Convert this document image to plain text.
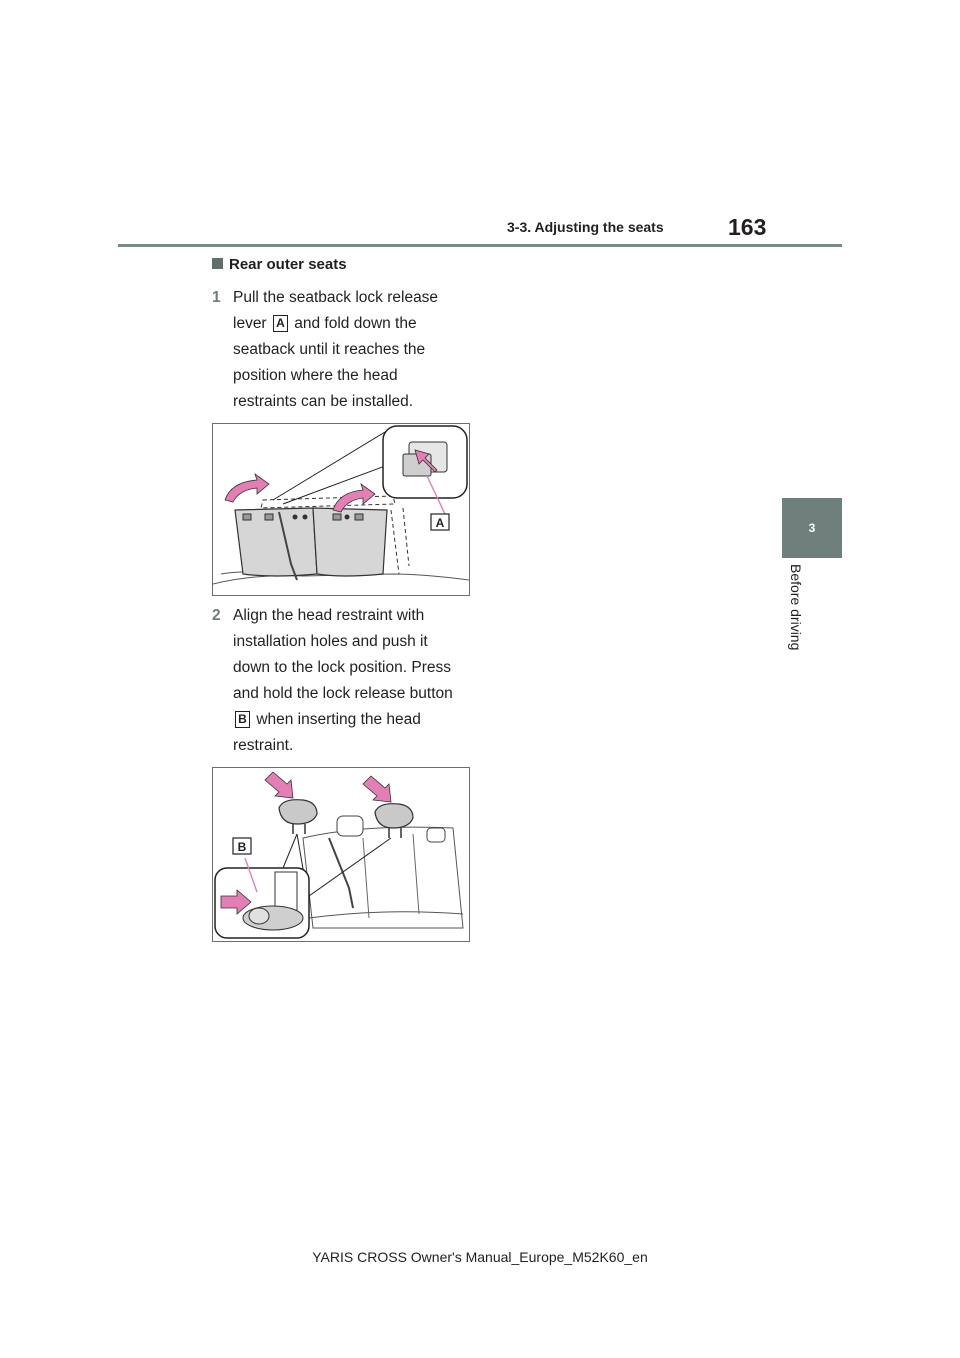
3-3. Adjusting the seats	163
3
Before driving
Rear outer seats
1 Pull the seatback lock release
lever A and fold down the
seatback until it reaches the
position where the head
restraints can be installed.
A
2 Align the head restraint with
installation holes and push it
down to the lock position. Press
and hold the lock release button
B when inserting the head
restraint.
B
YARIS CROSS Owner's Manual_Europe_M52K60_en
